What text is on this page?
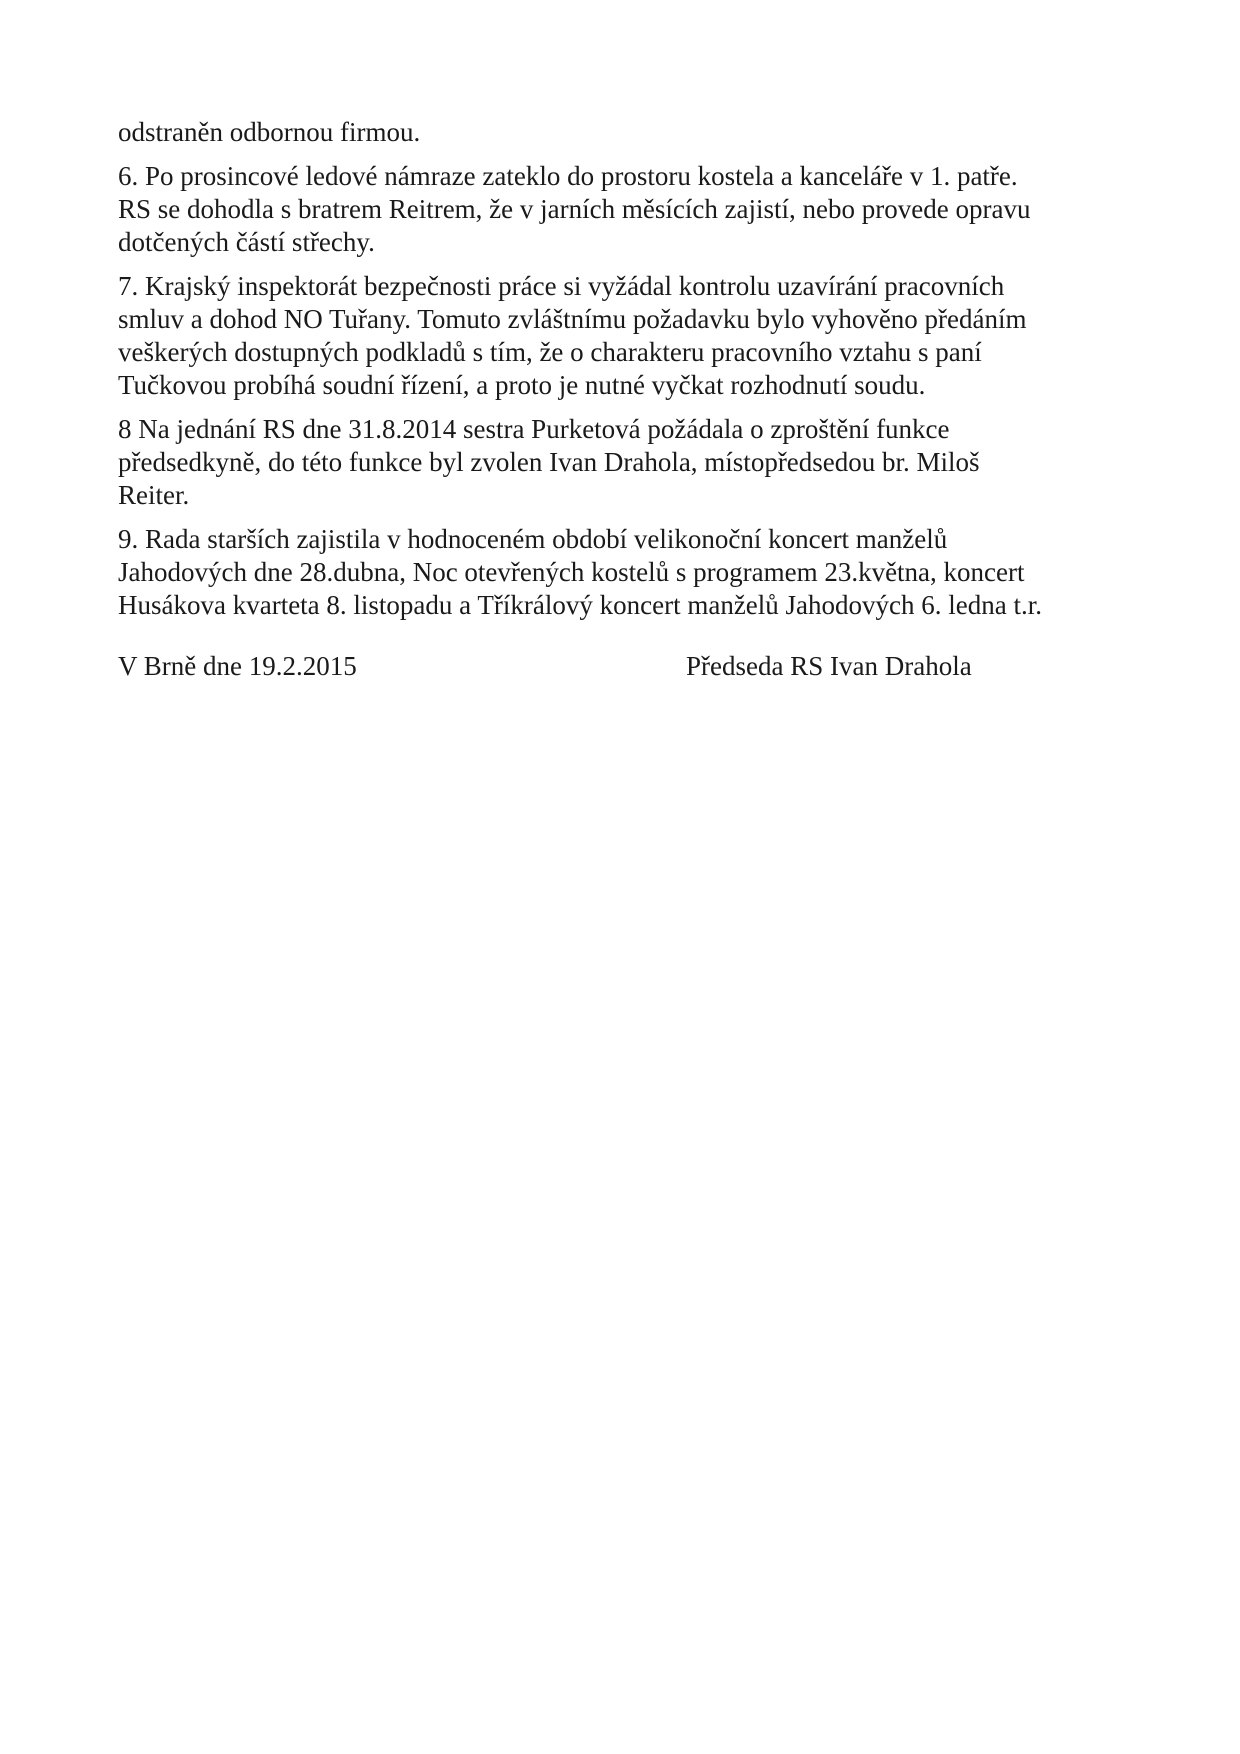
odstraněn odbornou firmou.
6. Po prosincové ledové námraze zateklo do prostoru kostela a kanceláře v 1. patře.
RS se dohodla s bratrem Reitrem, že v jarních měsících zajistí, nebo provede opravu
dotčených částí střechy.
7. Krajský inspektorát bezpečnosti práce si vyžádal kontrolu uzavírání pracovních
smluv a dohod NO Tuřany. Tomuto zvláštnímu požadavku bylo vyhověno předáním
veškerých dostupných podkladů s tím, že o charakteru pracovního vztahu s paní
Tučkovou probíhá soudní řízení, a proto je nutné vyčkat rozhodnutí soudu.
8 Na jednání RS dne 31.8.2014 sestra Purketová požádala o zproštění funkce
předsedkyně, do této funkce byl zvolen Ivan Drahola, místopředsedou br. Miloš
Reiter.
9. Rada starších zajistila v hodnoceném období velikonoční koncert manželů
Jahodových dne 28.dubna, Noc otevřených kostelů s programem 23.května, koncert
Husákova kvarteta 8. listopadu a Tříkrálový koncert manželů Jahodových 6. ledna t.r.
V Brně dne 19.2.2015	Předseda RS Ivan Drahola
